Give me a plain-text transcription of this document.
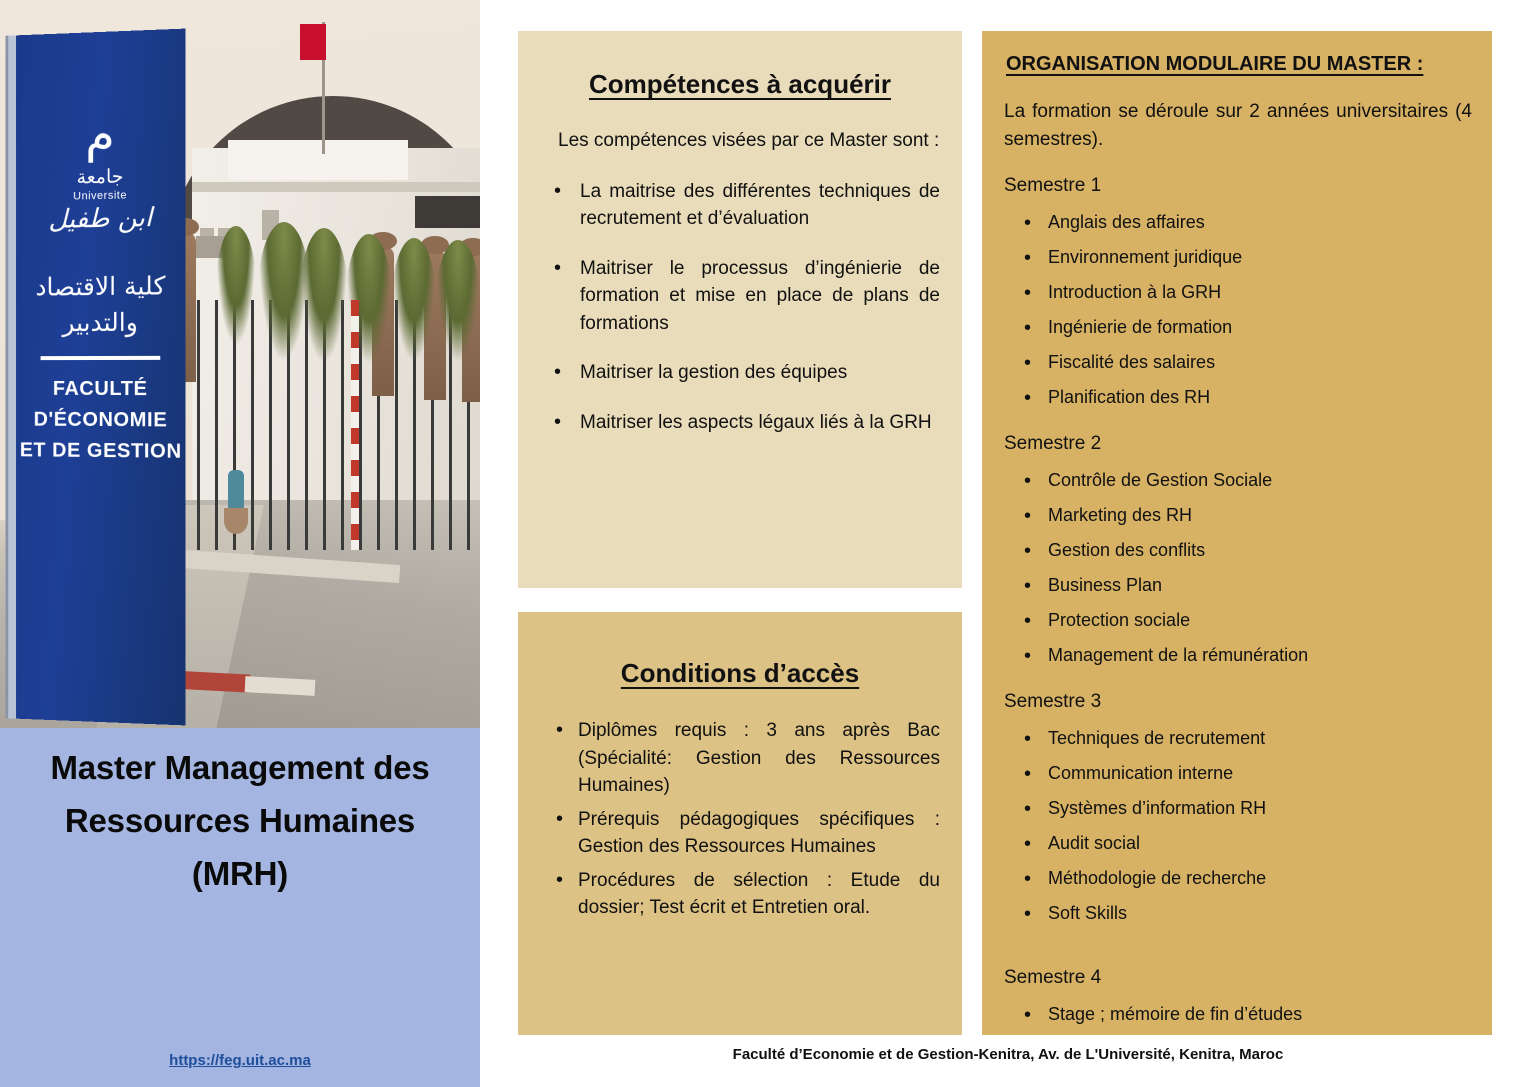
م
جامعة
Universite
ابن طفيل
كلية الاقتصاد
والتدبير
FACULTÉ
D'ÉCONOMIE
ET DE GESTION
Master Management des Ressources Humaines (MRH)
https://feg.uit.ac.ma
Compétences à acquérir

Les compétences visées par ce Master sont :

• La maitrise des différentes techniques de recrutement et d’évaluation
• Maitriser le processus d’ingénierie de formation et mise en place de plans de formations
• Maitriser la gestion des équipes
• Maitriser les aspects légaux liés à la GRH
Conditions d’accès
• Diplômes requis : 3 ans après Bac (Spécialité: Gestion des Ressources Humaines)
• Prérequis pédagogiques spécifiques : Gestion des Ressources Humaines
• Procédures de sélection : Etude du dossier; Test écrit et Entretien oral.
ORGANISATION MODULAIRE DU MASTER :

La formation se déroule sur 2 années universitaires (4 semestres).

Semestre 1
• Anglais des affaires
• Environnement juridique
• Introduction à la GRH
• Ingénierie de formation
• Fiscalité des salaires
• Planification des RH
Semestre 2
• Contrôle de Gestion Sociale
• Marketing des RH
• Gestion des conflits
• Business Plan
• Protection sociale
• Management de la rémunération
Semestre 3
• Techniques de recrutement
• Communication interne
• Systèmes d’information RH
• Audit social
• Méthodologie de recherche
• Soft Skills
Semestre 4
• Stage ; mémoire de fin d’études
Faculté d’Economie et de Gestion-Kenitra, Av. de L'Université, Kenitra, Maroc
